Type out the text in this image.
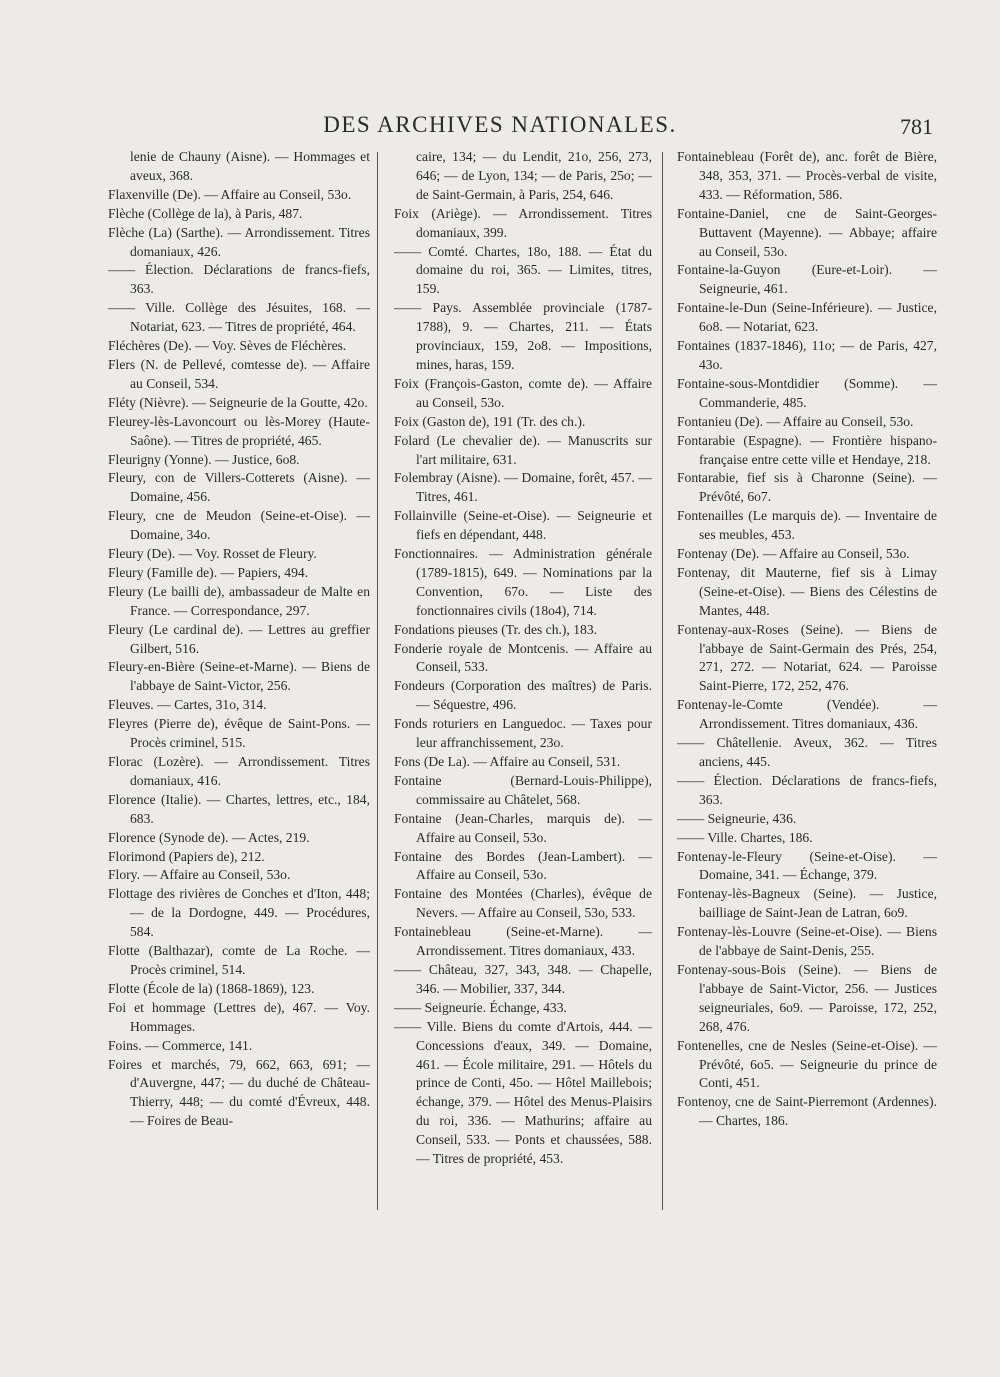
DES ARCHIVES NATIONALES.	781

lenie de Chauny (Aisne). — Hommages et aveux, 368.

Flaxenville (De). — Affaire au Conseil, 53o.

Flèche (Collège de la), à Paris, 487.

Flèche (La) (Sarthe). — Arrondissement. Titres domaniaux, 426.

—— Élection. Déclarations de francs-fiefs, 363.

—— Ville. Collège des Jésuites, 168. — Notariat, 623. — Titres de propriété, 464.

Fléchères (De). — Voy. Sèves de Fléchères.

Flers (N. de Pellevé, comtesse de). — Affaire au Conseil, 534.

Fléty (Nièvre). — Seigneurie de la Goutte, 42o.

Fleurey-lès-Lavoncourt ou lès-Morey (Haute-Saône). — Titres de propriété, 465.

Fleurigny (Yonne). — Justice, 6o8.

Fleury, con de Villers-Cotterets (Aisne). — Domaine, 456.

Fleury, cne de Meudon (Seine-et-Oise). — Domaine, 34o.

Fleury (De). — Voy. Rosset de Fleury.

Fleury (Famille de). — Papiers, 494.

Fleury (Le bailli de), ambassadeur de Malte en France. — Correspondance, 297.

Fleury (Le cardinal de). — Lettres au greffier Gilbert, 516.

Fleury-en-Bière (Seine-et-Marne). — Biens de l'abbaye de Saint-Victor, 256.

Fleuves. — Cartes, 31o, 314.

Fleyres (Pierre de), évêque de Saint-Pons. — Procès criminel, 515.

Florac (Lozère). — Arrondissement. Titres domaniaux, 416.

Florence (Italie). — Chartes, lettres, etc., 184, 683.

Florence (Synode de). — Actes, 219.

Florimond (Papiers de), 212.

Flory. — Affaire au Conseil, 53o.

Flottage des rivières de Conches et d'Iton, 448; — de la Dordogne, 449. — Procédures, 584.

Flotte (Balthazar), comte de La Roche. — Procès criminel, 514.

Flotte (École de la) (1868-1869), 123.

Foi et hommage (Lettres de), 467. — Voy. Hommages.

Foins. — Commerce, 141.

Foires et marchés, 79, 662, 663, 691; — d'Auvergne, 447; — du duché de Château-Thierry, 448; — du comté d'Évreux, 448. — Foires de Beau-

caire, 134; — du Lendit, 21o, 256, 273, 646; — de Lyon, 134; — de Paris, 25o; — de Saint-Germain, à Paris, 254, 646.

Foix (Ariège). — Arrondissement. Titres domaniaux, 399.

—— Comté. Chartes, 18o, 188. — État du domaine du roi, 365. — Limites, titres, 159.

—— Pays. Assemblée provinciale (1787-1788), 9. — Chartes, 211. — États provinciaux, 159, 2o8. — Impositions, mines, haras, 159.

Foix (François-Gaston, comte de). — Affaire au Conseil, 53o.

Foix (Gaston de), 191 (Tr. des ch.).

Folard (Le chevalier de). — Manuscrits sur l'art militaire, 631.

Folembray (Aisne). — Domaine, forêt, 457. — Titres, 461.

Follainville (Seine-et-Oise). — Seigneurie et fiefs en dépendant, 448.

Fonctionnaires. — Administration générale (1789-1815), 649. — Nominations par la Convention, 67o. — Liste des fonctionnaires civils (18o4), 714.

Fondations pieuses (Tr. des ch.), 183.

Fonderie royale de Montcenis. — Affaire au Conseil, 533.

Fondeurs (Corporation des maîtres) de Paris. — Séquestre, 496.

Fonds roturiers en Languedoc. — Taxes pour leur affranchissement, 23o.

Fons (De La). — Affaire au Conseil, 531.

Fontaine (Bernard-Louis-Philippe), commissaire au Châtelet, 568.

Fontaine (Jean-Charles, marquis de). — Affaire au Conseil, 53o.

Fontaine des Bordes (Jean-Lambert). — Affaire au Conseil, 53o.

Fontaine des Montées (Charles), évêque de Nevers. — Affaire au Conseil, 53o, 533.

Fontainebleau (Seine-et-Marne). — Arrondissement. Titres domaniaux, 433.

—— Château, 327, 343, 348. — Chapelle, 346. — Mobilier, 337, 344.

—— Seigneurie. Échange, 433.

—— Ville. Biens du comte d'Artois, 444. — Concessions d'eaux, 349. — Domaine, 461. — École militaire, 291. — Hôtels du prince de Conti, 45o. — Hôtel Maillebois; échange, 379. — Hôtel des Menus-Plaisirs du roi, 336. — Mathurins; affaire au Conseil, 533. — Ponts et chaussées, 588. — Titres de propriété, 453.

Fontainebleau (Forêt de), anc. forêt de Bière, 348, 353, 371. — Procès-verbal de visite, 433. — Réformation, 586.

Fontaine-Daniel, cne de Saint-Georges-Buttavent (Mayenne). — Abbaye; affaire au Conseil, 53o.

Fontaine-la-Guyon (Eure-et-Loir). — Seigneurie, 461.

Fontaine-le-Dun (Seine-Inférieure). — Justice, 6o8. — Notariat, 623.

Fontaines (1837-1846), 11o; — de Paris, 427, 43o.

Fontaine-sous-Montdidier (Somme). — Commanderie, 485.

Fontanieu (De). — Affaire au Conseil, 53o.

Fontarabie (Espagne). — Frontière hispano-française entre cette ville et Hendaye, 218.

Fontarabie, fief sis à Charonne (Seine). — Prévôté, 6o7.

Fontenailles (Le marquis de). — Inventaire de ses meubles, 453.

Fontenay (De). — Affaire au Conseil, 53o.

Fontenay, dit Mauterne, fief sis à Limay (Seine-et-Oise). — Biens des Célestins de Mantes, 448.

Fontenay-aux-Roses (Seine). — Biens de l'abbaye de Saint-Germain des Prés, 254, 271, 272. — Notariat, 624. — Paroisse Saint-Pierre, 172, 252, 476.

Fontenay-le-Comte (Vendée). — Arrondissement. Titres domaniaux, 436.

—— Châtellenie. Aveux, 362. — Titres anciens, 445.

—— Élection. Déclarations de francs-fiefs, 363.

—— Seigneurie, 436.

—— Ville. Chartes, 186.

Fontenay-le-Fleury (Seine-et-Oise). — Domaine, 341. — Échange, 379.

Fontenay-lès-Bagneux (Seine). — Justice, bailliage de Saint-Jean de Latran, 6o9.

Fontenay-lès-Louvre (Seine-et-Oise). — Biens de l'abbaye de Saint-Denis, 255.

Fontenay-sous-Bois (Seine). — Biens de l'abbaye de Saint-Victor, 256. — Justices seigneuriales, 6o9. — Paroisse, 172, 252, 268, 476.

Fontenelles, cne de Nesles (Seine-et-Oise). — Prévôté, 6o5. — Seigneurie du prince de Conti, 451.

Fontenoy, cne de Saint-Pierremont (Ardennes). — Chartes, 186.
